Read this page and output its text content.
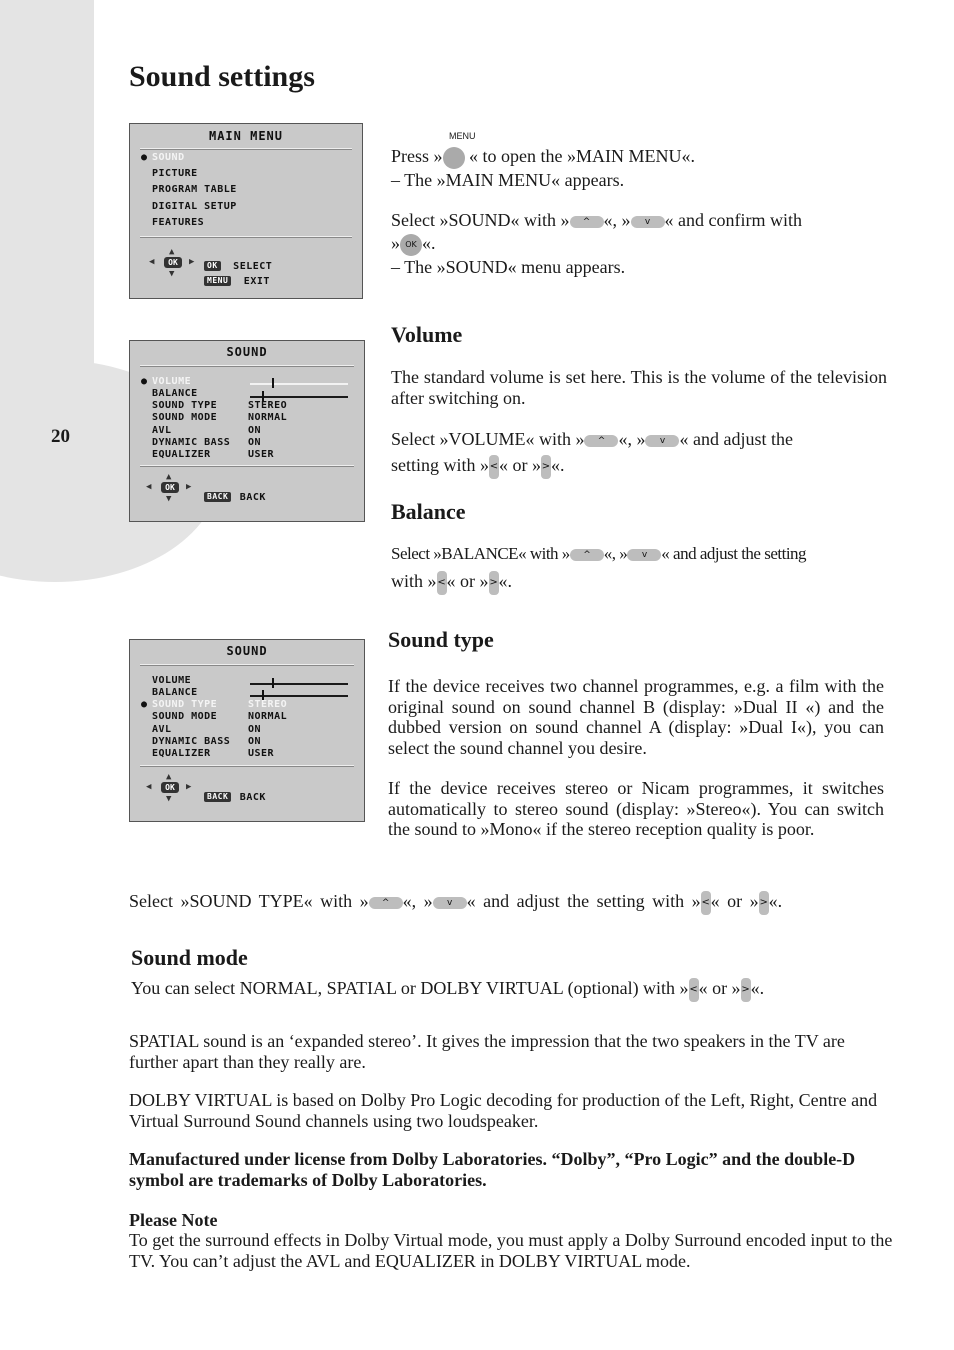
20
Sound settings
MAIN MENU
● SOUND
PICTURE
PROGRAM TABLE
DIGITAL SETUP
FEATURES
▲
▼
◀	▶
OK	OK SELECT
MENU EXIT
SOUND
● VOLUME
BALANCE
SOUND TYPE	STEREO
SOUND MODE	NORMAL
AVL	ON
DYNAMIC BASS ON
EQUALIZER	USER
▲
▼
◀	▶
OK
BACK BACK
SOUND
VOLUME
BALANCE
● SOUND TYPE	STEREO
SOUND MODE	NORMAL
AVL	ON
DYNAMIC BASS ON
EQUALIZER	USER
▲
▼
◀	▶
OK
BACK BACK
MENU

Press » « to open the »MAIN MENU«.

– The »MAIN MENU« appears.

Select »SOUND« with » ^ «, » v « and confirm with

» OK «.

– The »SOUND« menu appears.

Volume

The standard volume is set here. This is the volume of the television after switching on.

Select »VOLUME« with » ^ «, » v « and adjust the

setting with »<« or »>«.

Balance

Select »BALANCE« with » ^ «, » v « and adjust the setting

with »<« or »>«.

Sound type

If the device receives two channel programmes, e.g. a film with the original sound on sound channel B (display: »Dual II «) and the dubbed version on sound channel A (display: »Dual I«), you can select the sound channel you desire.

If the device receives stereo or Nicam programmes, it switches automatically to stereo sound (display: »Stereo«). You can switch the sound to »Mono« if the stereo reception quality is poor.

Select »SOUND TYPE« with » ^ «, » v « and adjust the setting with »<« or »>«.

Sound mode

You can select NORMAL, SPATIAL or DOLBY VIRTUAL (optional) with »<« or »>«.

SPATIAL sound is an ‘expanded stereo’. It gives the impression that the two speakers in the TV are further apart than they really are.

DOLBY VIRTUAL is based on Dolby Pro Logic decoding for production of the Left, Right, Centre and Virtual Surround Sound channels using two loudspeaker.

Manufactured under license from Dolby Laboratories. “Dolby”, “Pro Logic” and the double-D symbol are trademarks of Dolby Laboratories.

Please Note

To get the surround effects in Dolby Virtual mode, you must apply a Dolby Surround encoded input to the TV. You can’t adjust the AVL and EQUALIZER in DOLBY VIRTUAL mode.
